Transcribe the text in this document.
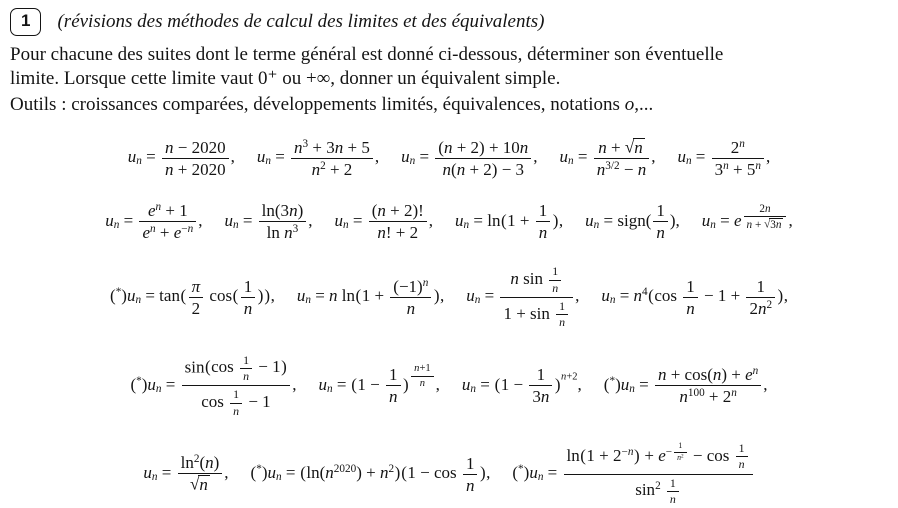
1	(révisions des méthodes de calcul des limites et des équivalents)

Pour chacune des suites dont le terme général est donné ci-dessous, déterminer son éventuelle
limite. Lorsque cette limite vaut 0⁺ ou +∞, donner un équivalent simple.

Outils : croissances comparées, développements limités, équivalences, notations o,...

$u_n = \frac{n - 2020}{n + 2020}$ , $u_n = \frac{n^3 + 3n + 5}{n^2 + 2}$ , $u_n = \frac{(n + 2) + 10n}{n(n + 2) - 3}$ , $u_n = \frac{n + √n}{n^{3/2} - n}$ , $u_n = \frac{2^n}{3^n + 5^n}$ ,
$u_n = \frac{e^n + 1}{e^n + e^{-n}}$ , $u_n = \frac{\ln(3n)}{\ln n^3}$ , $u_n = \frac{(n + 2)!}{n! + 2}$ , $u_n = \ln(1 + \frac{1}{n}$ ), $u_n$ = sign( $\frac{1}{n}$ ), $u_n = e$ $^{\frac{2n}{n + √3n}}$ ,
$(^*)u_n = \tan( \frac{\pi}{2} \cos( \frac{1}{n}$ )), $u_n = n$ $\ln(1 + \frac{(-1)^n}{n}$ ), $u_n = \frac{n \sin \frac{1}{n}}{1 + \sin \frac{1}{n}}$ , $u_n = n^4(\cos \frac{1}{n} - 1 + \frac{1}{2n^2}$ ),
$(^*)u_n = \frac{\sin(\cos \frac{1}{n} - 1)}{\cos \frac{1}{n} - 1}$ , $u_n = (1 - \frac{1}{n}$ ) $^{\frac{n+1}{n}}$ , $u_n = (1 - \frac{1}{3n} )^{n+2}$, $(^*)u_n = \frac{n + \cos(n) + e^n}{n^{100} + 2^n}$ ,
$u_n = \frac{\ln^2(n)}{√n}$ , $(^*)u_n = (\ln(n^{2020}) + n^2)(1 - \cos \frac{1}{n}$ ), $(^*)u_n = \ln(1 + 2^{-n}) + e^{- \frac{1}{n^2}} - \cos \frac{1}{n}$
$\sin^2 \frac{1}{n}$
